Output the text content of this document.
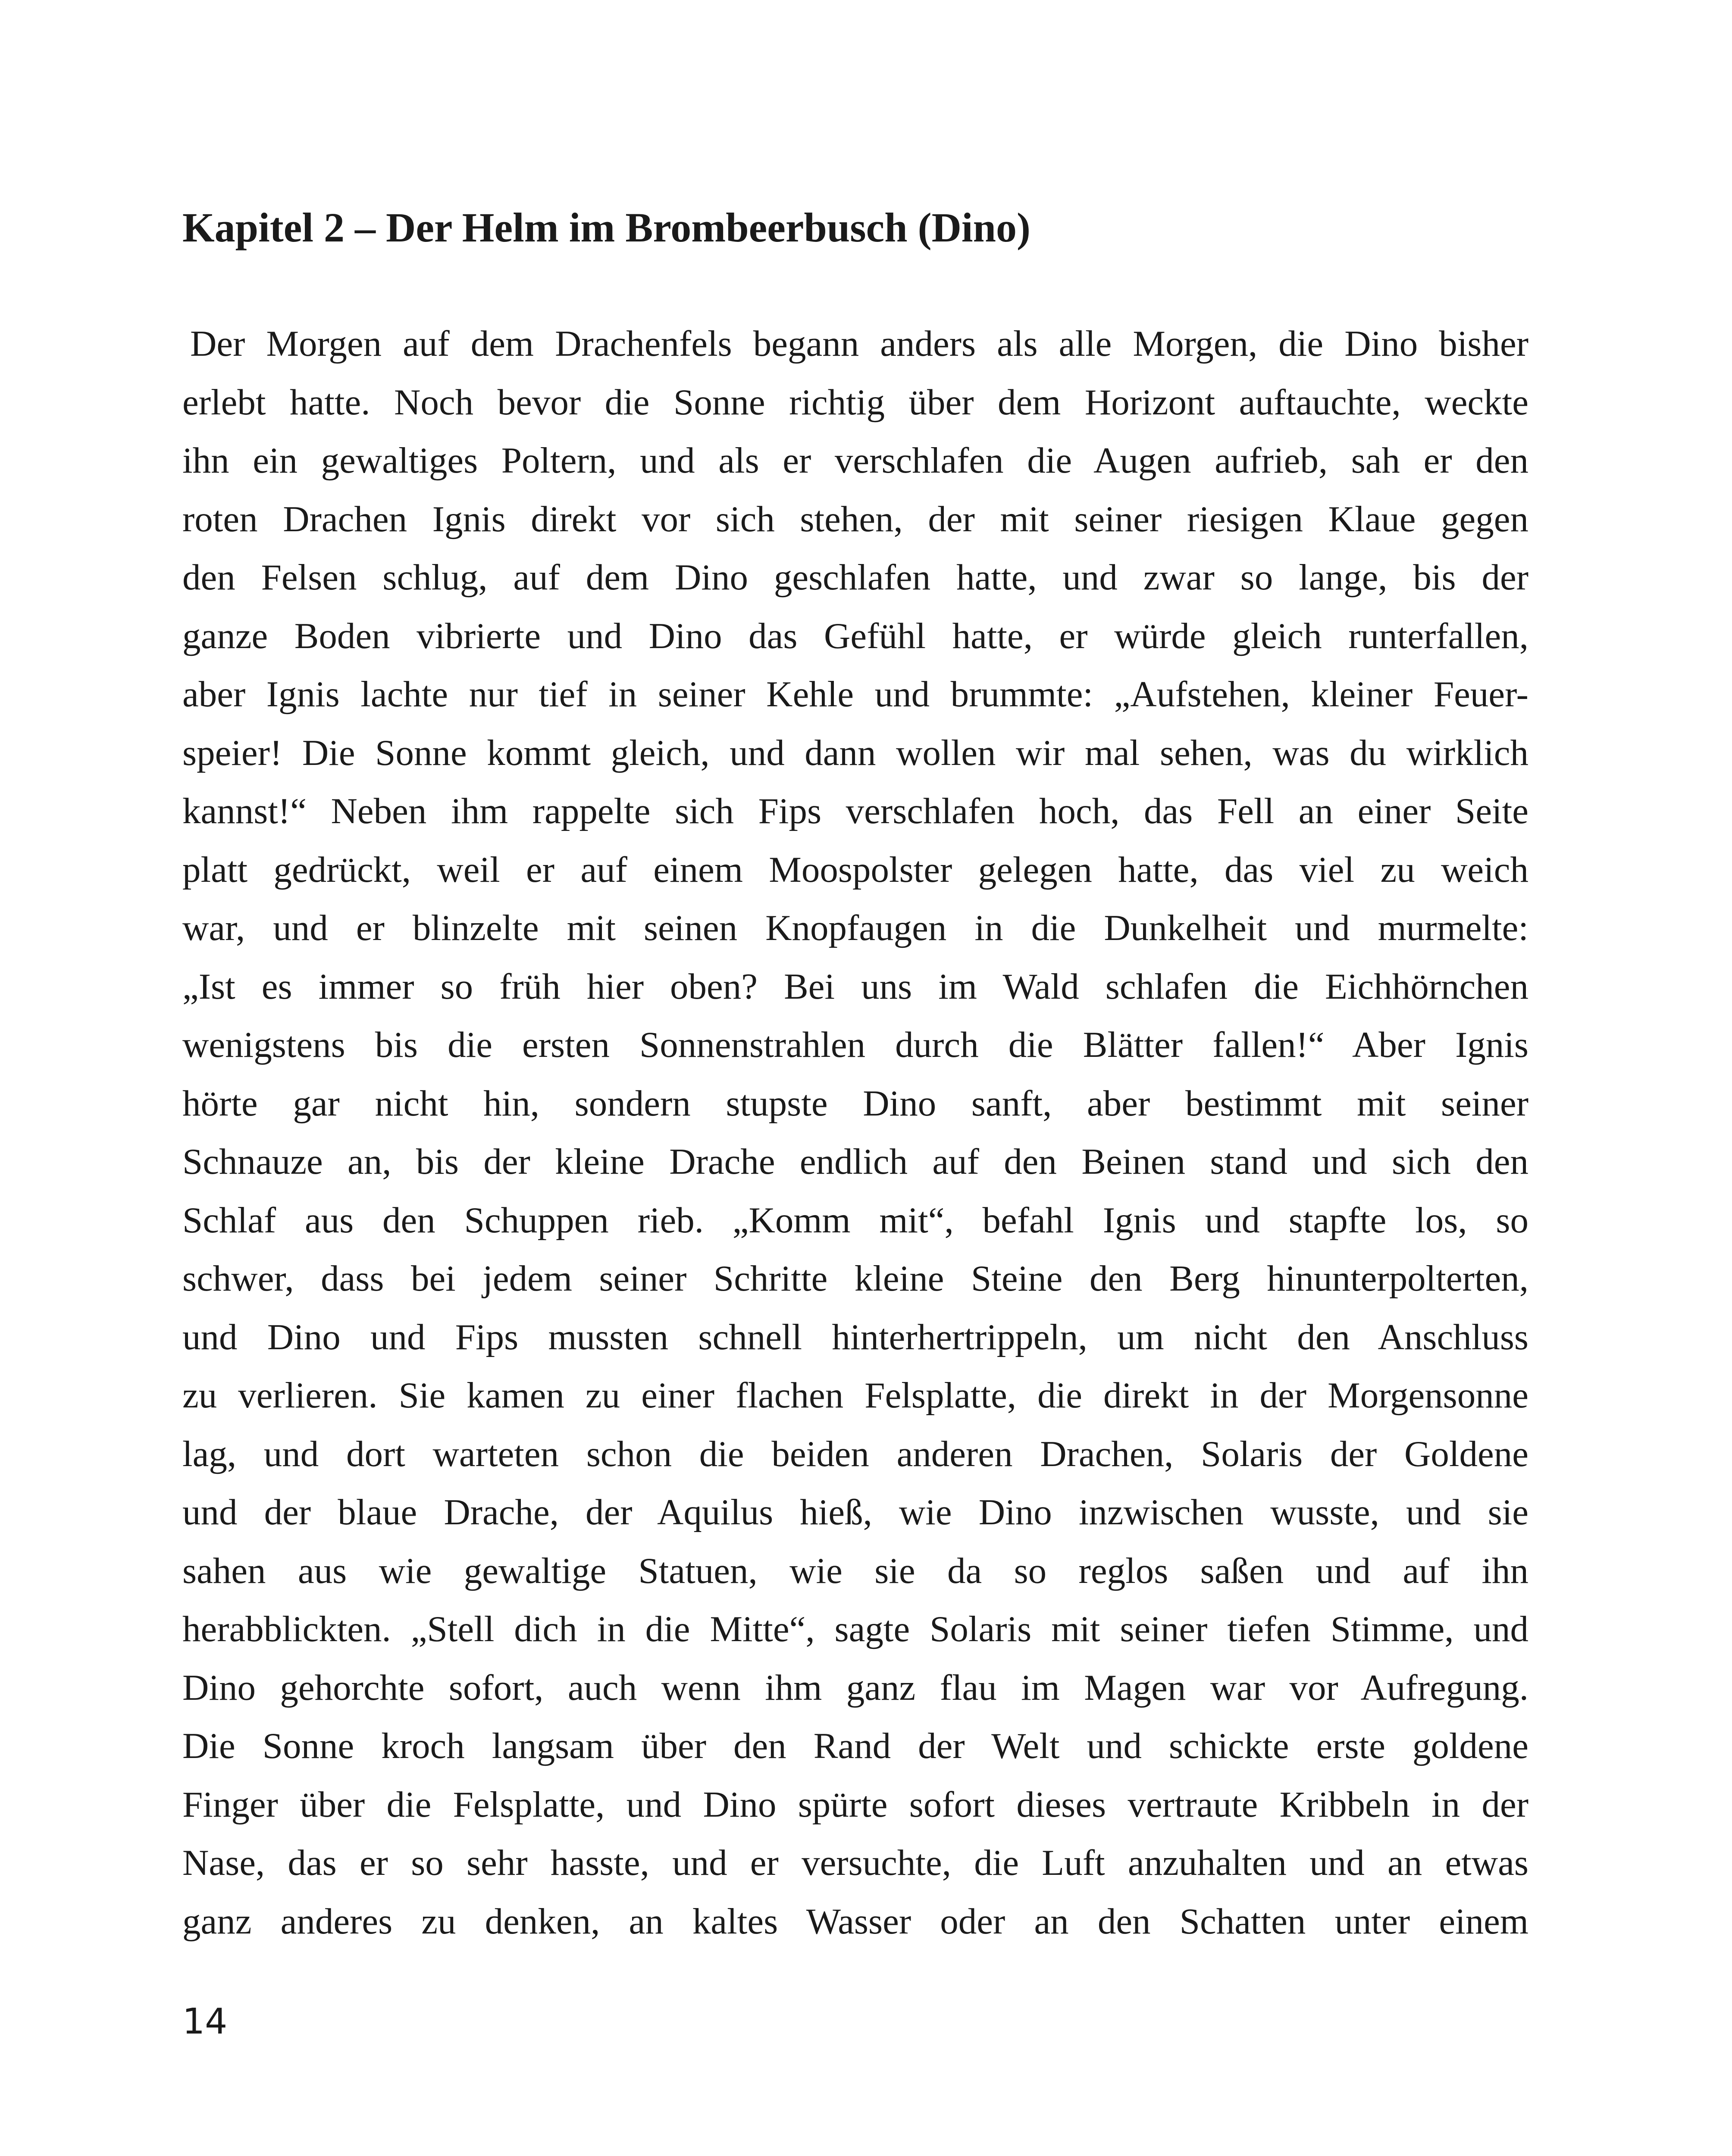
Kapitel 2 – Der Helm im Brombeerbusch (Dino)
Der Morgen auf dem Drachenfels begann anders als alle Morgen, die Dino bisher
erlebt hatte. Noch bevor die Sonne richtig über dem Horizont auftauchte, weckte
ihn ein gewaltiges Poltern, und als er verschlafen die Augen aufrieb, sah er den
roten Drachen Ignis direkt vor sich stehen, der mit seiner riesigen Klaue gegen
den Felsen schlug, auf dem Dino geschlafen hatte, und zwar so lange, bis der
ganze Boden vibrierte und Dino das Gefühl hatte, er würde gleich runterfallen,
aber Ignis lachte nur tief in seiner Kehle und brummte: „Aufstehen, kleiner Feuer-
speier! Die Sonne kommt gleich, und dann wollen wir mal sehen, was du wirklich
kannst!“ Neben ihm rappelte sich Fips verschlafen hoch, das Fell an einer Seite
platt gedrückt, weil er auf einem Moospolster gelegen hatte, das viel zu weich
war, und er blinzelte mit seinen Knopfaugen in die Dunkelheit und murmelte:
„Ist es immer so früh hier oben? Bei uns im Wald schlafen die Eichhörnchen
wenigstens bis die ersten Sonnenstrahlen durch die Blätter fallen!“ Aber Ignis
hörte gar nicht hin, sondern stupste Dino sanft, aber bestimmt mit seiner
Schnauze an, bis der kleine Drache endlich auf den Beinen stand und sich den
Schlaf aus den Schuppen rieb. „Komm mit“, befahl Ignis und stapfte los, so
schwer, dass bei jedem seiner Schritte kleine Steine den Berg hinunterpolterten,
und Dino und Fips mussten schnell hinterhertrippeln, um nicht den Anschluss
zu verlieren. Sie kamen zu einer flachen Felsplatte, die direkt in der Morgensonne
lag, und dort warteten schon die beiden anderen Drachen, Solaris der Goldene
und der blaue Drache, der Aquilus hieß, wie Dino inzwischen wusste, und sie
sahen aus wie gewaltige Statuen, wie sie da so reglos saßen und auf ihn
herabblickten. „Stell dich in die Mitte“, sagte Solaris mit seiner tiefen Stimme, und
Dino gehorchte sofort, auch wenn ihm ganz flau im Magen war vor Aufregung.
Die Sonne kroch langsam über den Rand der Welt und schickte erste goldene
Finger über die Felsplatte, und Dino spürte sofort dieses vertraute Kribbeln in der
Nase, das er so sehr hasste, und er versuchte, die Luft anzuhalten und an etwas
ganz anderes zu denken, an kaltes Wasser oder an den Schatten unter einem
14
